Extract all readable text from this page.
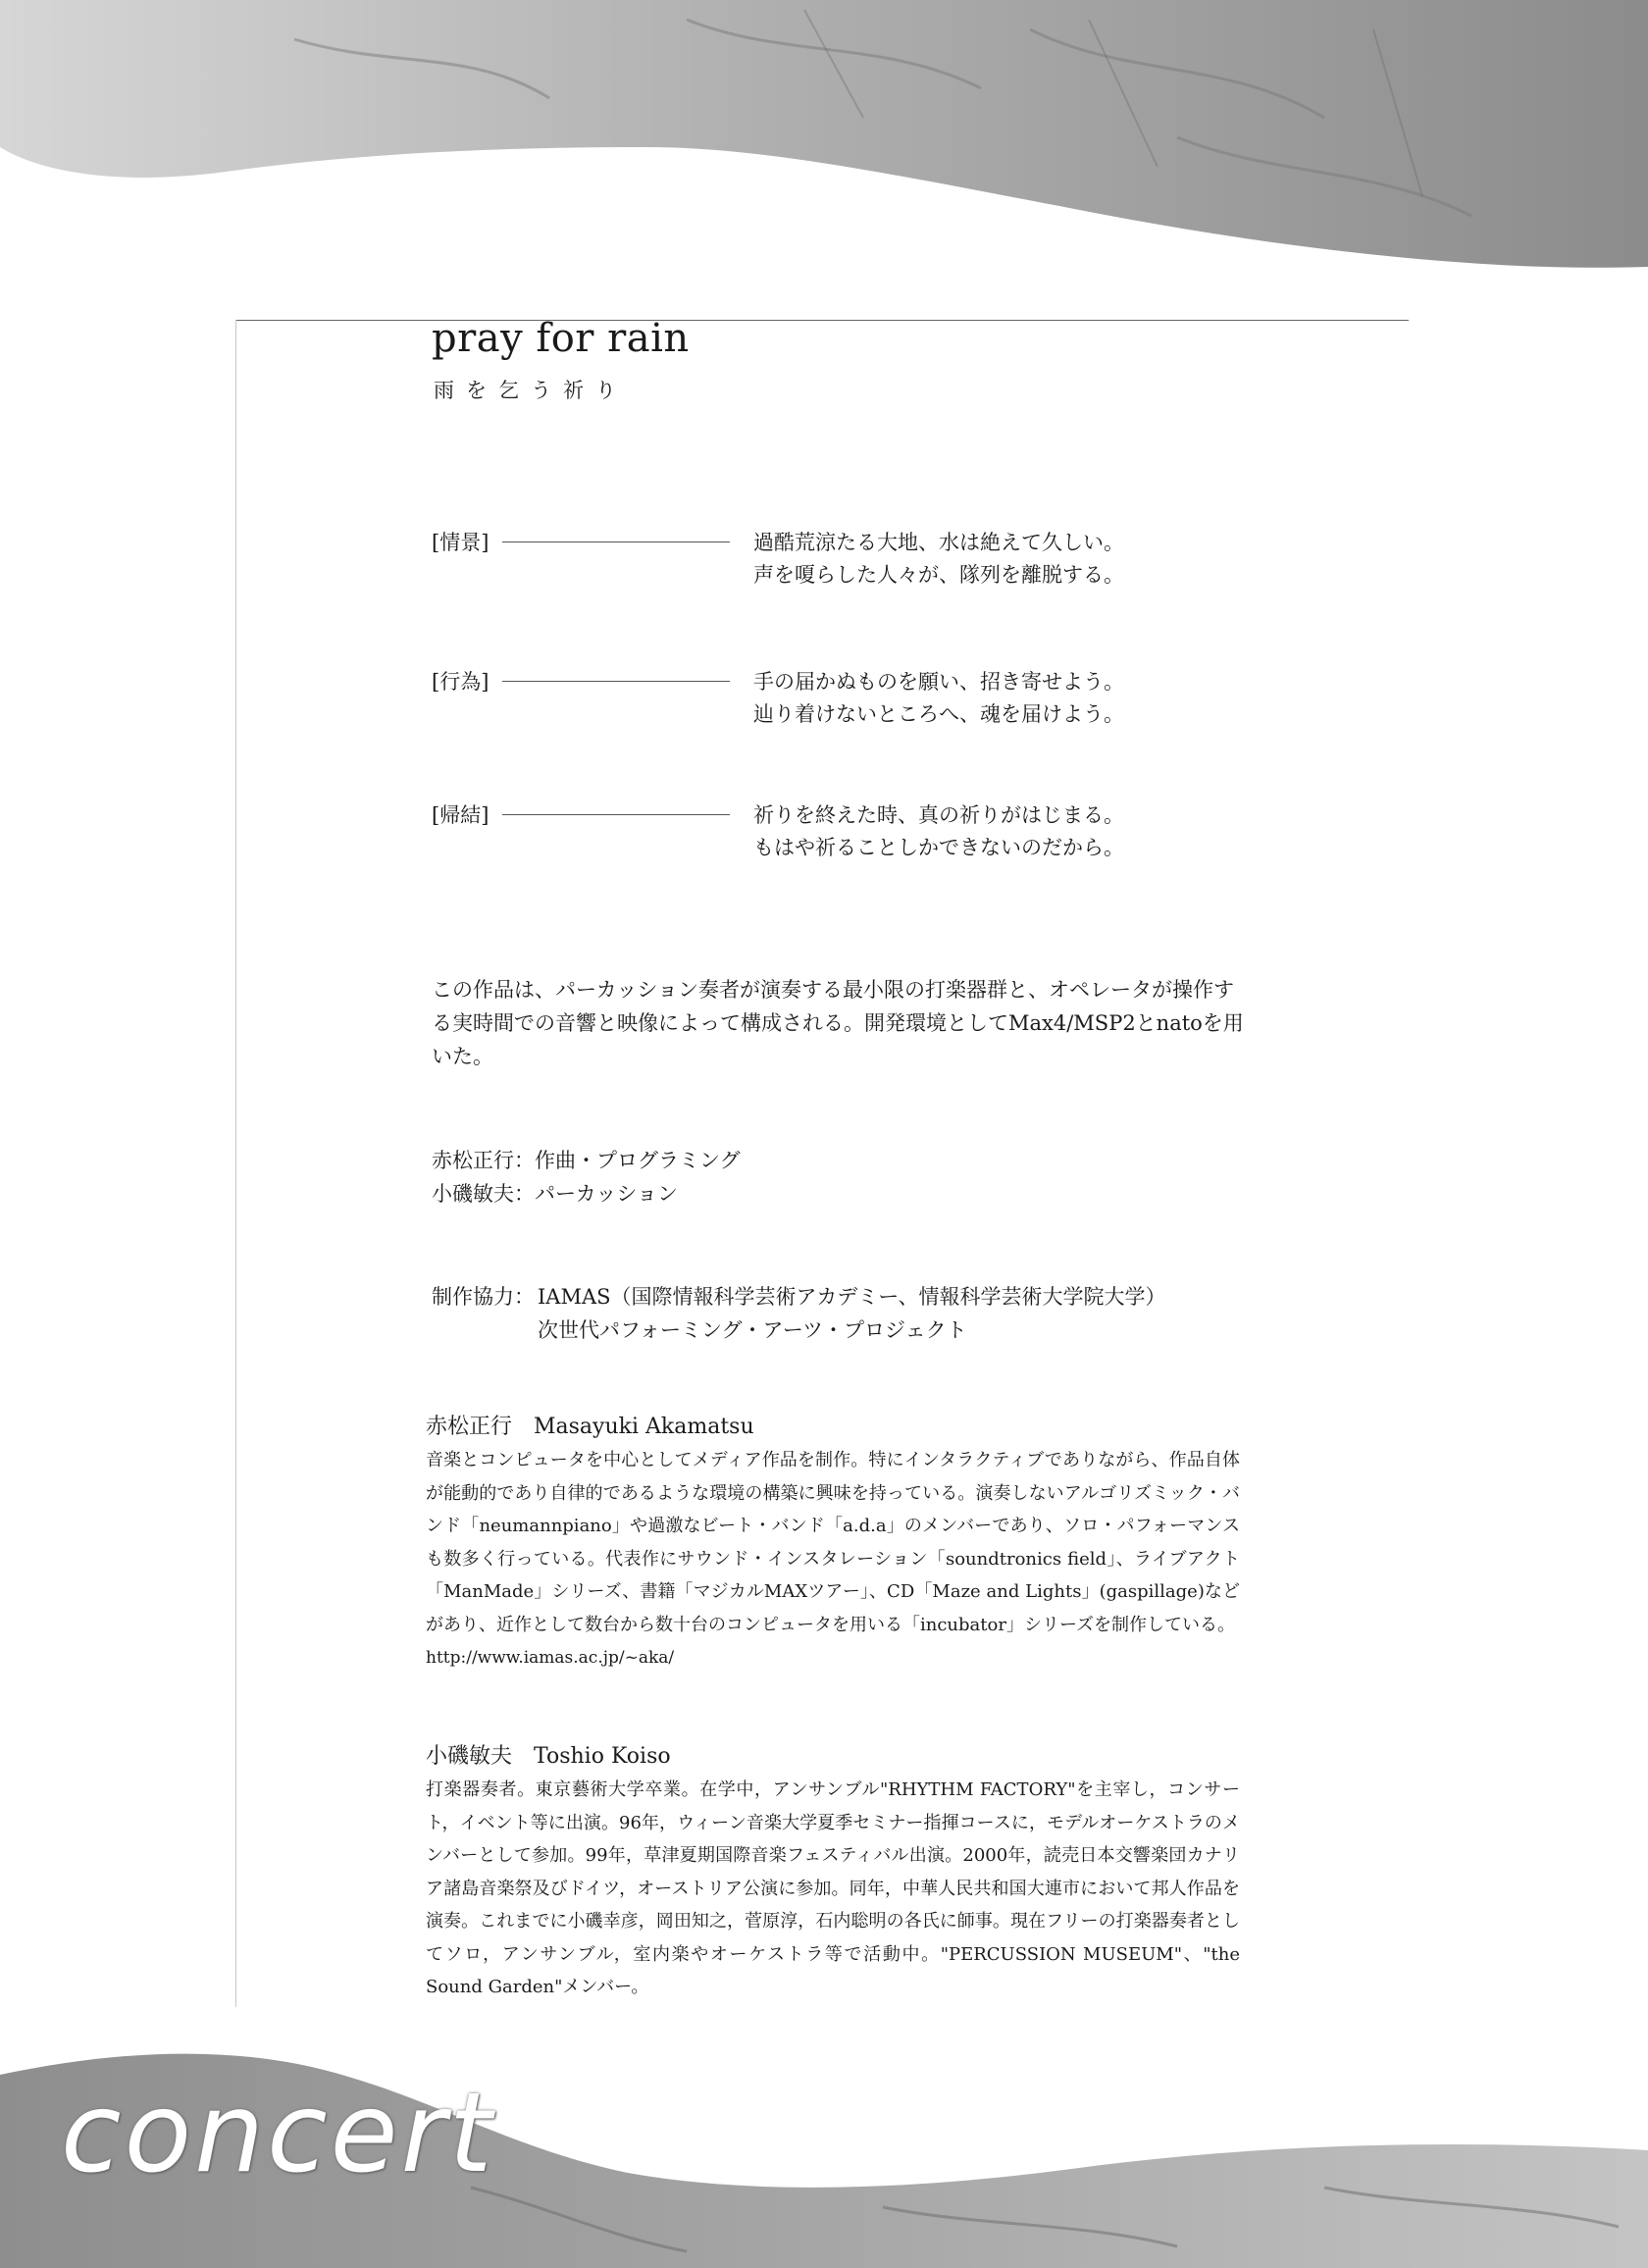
pray for rain

雨を乞う祈り

[情景]	過酷荒涼たる大地、水は絶えて久しい。
声を嗄らした人々が、隊列を離脱する。
[行為]	手の届かぬものを願い、招き寄せよう。
辿り着けないところへ、魂を届けよう。
[帰結]	祈りを終えた時、真の祈りがはじまる。
もはや祈ることしかできないのだから。

この作品は、パーカッション奏者が演奏する最小限の打楽器群と、オペレータが操作する実時間での音響と映像によって構成される。開発環境としてMax4/MSP2とnatoを用いた。

赤松正行：作曲・プログラミング
小磯敏夫：パーカッション
制作協力： IAMAS（国際情報科学芸術アカデミー、情報科学芸術大学院大学）
次世代パフォーミング・アーツ・プロジェクト

赤松正行　Masayuki Akamatsu

音楽とコンピュータを中心としてメディア作品を制作。特にインタラクティブでありながら、作品自体が能動的であり自律的であるような環境の構築に興味を持っている。演奏しないアルゴリズミック・バンド「neumannpiano」や過激なビート・バンド「a.d.a」のメンバーであり、ソロ・パフォーマンスも数多く行っている。代表作にサウンド・インスタレーション「soundtronics field」、ライブアクト「ManMade」シリーズ、書籍「マジカルMAXツアー」、CD「Maze and Lights」(gaspillage)などがあり、近作として数台から数十台のコンピュータを用いる「incubator」シリーズを制作している。

http://www.iamas.ac.jp/~aka/

小磯敏夫　Toshio Koiso

打楽器奏者。東京藝術大学卒業。在学中，アンサンブル"RHYTHM FACTORY"を主宰し，コンサート，イベント等に出演。96年，ウィーン音楽大学夏季セミナー指揮コースに，モデルオーケストラのメンバーとして参加。99年，草津夏期国際音楽フェスティバル出演。2000年，読売日本交響楽団カナリア諸島音楽祭及びドイツ，オーストリア公演に参加。同年，中華人民共和国大連市において邦人作品を演奏。これまでに小磯幸彦，岡田知之，菅原淳，石内聡明の各氏に師事。現在フリーの打楽器奏者としてソロ，アンサンブル，室内楽やオーケストラ等で活動中。"PERCUSSION MUSEUM"、"the Sound Garden"メンバー。

concert
